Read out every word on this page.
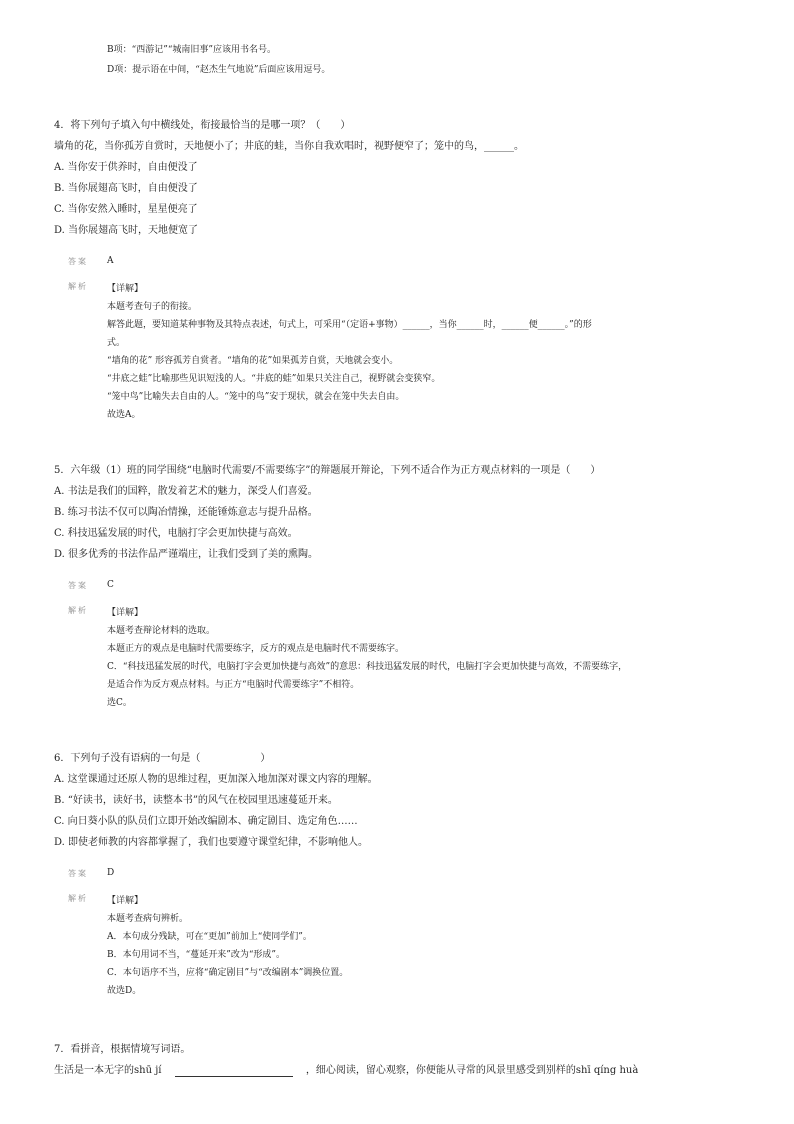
B项：“西游记”“城南旧事”应该用书名号。
D项：提示语在中间，“赵杰生气地说”后面应该用逗号。
4．将下列句子填入句中横线处，衔接最恰当的是哪一项？（　　）
墙角的花，当你孤芳自赏时，天地便小了；井底的蛙，当你自我欢唱时，视野便窄了；笼中的鸟，______。
A. 当你安于供养时，自由便没了
B. 当你展翅高飞时，自由便没了
C. 当你安然入睡时，星星便亮了
D. 当你展翅高飞时，天地便宽了
答案 A
解析 【详解】
本题考查句子的衔接。
解答此题，要知道某种事物及其特点表述，句式上，可采用“（定语+事物）______，当你______时，______便______。”的形
式。
“墙角的花” 形容孤芳自赏者。“墙角的花”如果孤芳自赏，天地就会变小。
“井底之蛙”比喻那些见识短浅的人。“井底的蛙”如果只关注自己，视野就会变狭窄。
“笼中鸟”比喻失去自由的人。“笼中的鸟”安于现状，就会在笼中失去自由。
故选A。
5．六年级（1）班的同学围绕“电脑时代需要/不需要练字”的辩题展开辩论，下列不适合作为正方观点材料的一项是（　　）
A. 书法是我们的国粹，散发着艺术的魅力，深受人们喜爱。
B. 练习书法不仅可以陶冶情操，还能锤炼意志与提升品格。
C. 科技迅猛发展的时代，电脑打字会更加快捷与高效。
D. 很多优秀的书法作品严谨端庄，让我们受到了美的熏陶。
答案 C
解析 【详解】
本题考查辩论材料的选取。
本题正方的观点是电脑时代需要练字，反方的观点是电脑时代不需要练字。
C．“科技迅猛发展的时代，电脑打字会更加快捷与高效”的意思：科技迅猛发展的时代，电脑打字会更加快捷与高效，不需要练字，
是适合作为反方观点材料。与正方“电脑时代需要练字”不相符。
选C。
6．下列句子没有语病的一句是（　　　　　　）
A. 这堂课通过还原人物的思维过程，更加深入地加深对课文内容的理解。
B. “好读书，读好书，读整本书”的风气在校园里迅速蔓延开来。
C. 向日葵小队的队员们立即开始改编剧本、确定剧目、选定角色……
D. 即使老师教的内容都掌握了，我们也要遵守课堂纪律，不影响他人。
答案 D
解析 【详解】
本题考查病句辨析。
A．本句成分残缺，可在“更加”前加上“使同学们”。
B．本句用词不当，“蔓延开来”改为“形成”。
C．本句语序不当，应将“确定剧目”与“改编剧本”调换位置。
故选D。
7．看拼音，根据情境写词语。
生活是一本无字的shū jí	，细心阅读，留心观察，你便能从寻常的风景里感受到别样的shī qíng huà
